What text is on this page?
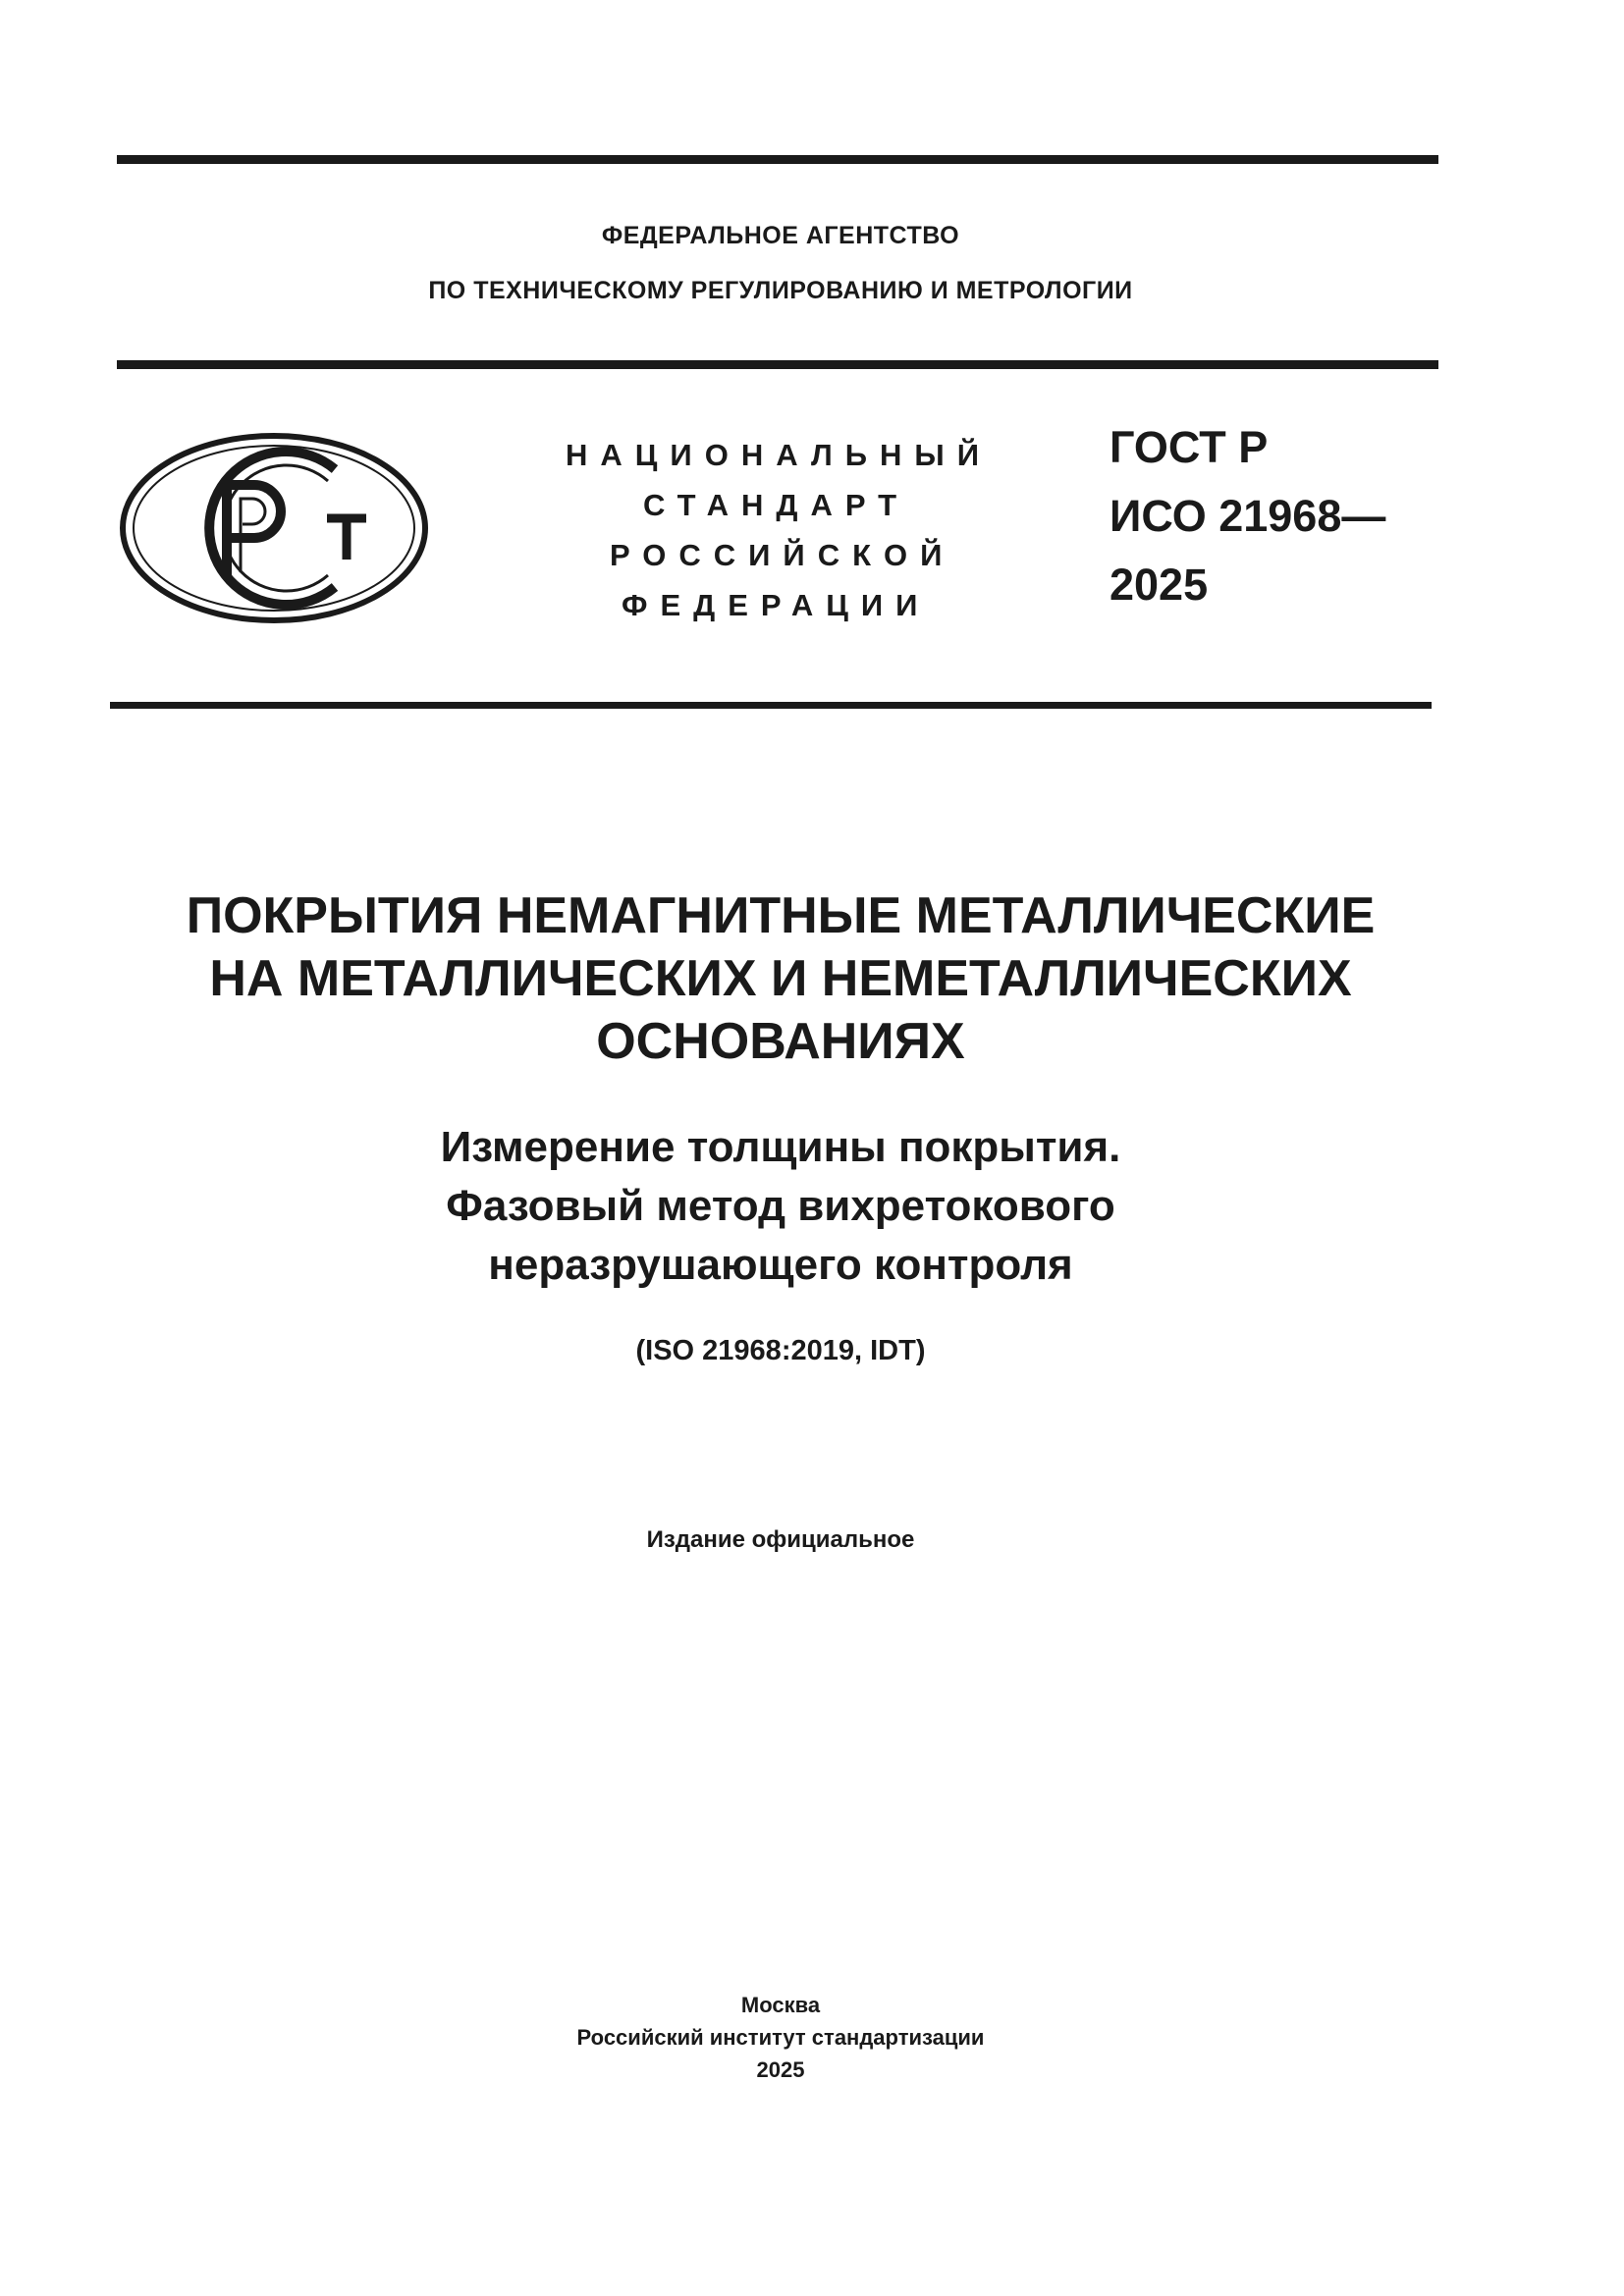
ФЕДЕРАЛЬНОЕ АГЕНТСТВО
ПО ТЕХНИЧЕСКОМУ РЕГУЛИРОВАНИЮ И МЕТРОЛОГИИ
НАЦИОНАЛЬНЫЙ
СТАНДАРТ
РОССИЙСКОЙ
ФЕДЕРАЦИИ
ГОСТ Р
ИСО 21968—
2025
ПОКРЫТИЯ НЕМАГНИТНЫЕ МЕТАЛЛИЧЕСКИЕ
НА МЕТАЛЛИЧЕСКИХ И НЕМЕТАЛЛИЧЕСКИХ
ОСНОВАНИЯХ
Измерение толщины покрытия.
Фазовый метод вихретокового
неразрушающего контроля
(ISO 21968:2019, IDT)
Издание официальное
Москва
Российский институт стандартизации
2025
